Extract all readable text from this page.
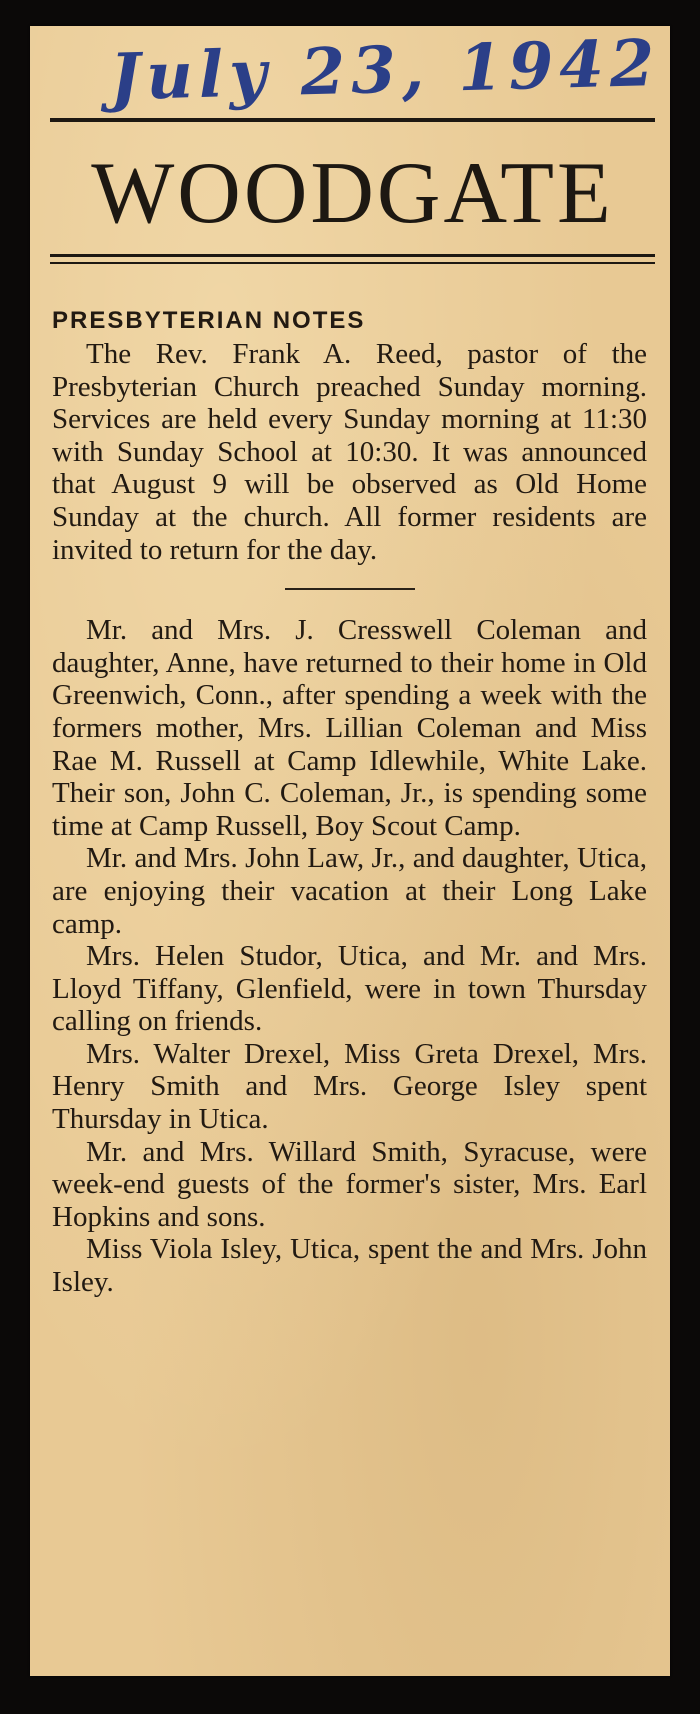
July 23, 1942
WOODGATE
PRESBYTERIAN NOTES

The Rev. Frank A. Reed, pastor of the Presbyterian Church preached Sunday morning. Services are held every Sunday morning at 11:30 with Sunday School at 10:30. It was announced that August 9 will be observed as Old Home Sunday at the church. All former residents are invited to return for the day.

Mr. and Mrs. J. Cresswell Coleman and daughter, Anne, have returned to their home in Old Greenwich, Conn., after spending a week with the formers mother, Mrs. Lillian Coleman and Miss Rae M. Russell at Camp Idlewhile, White Lake. Their son, John C. Coleman, Jr., is spending some time at Camp Russell, Boy Scout Camp.

Mr. and Mrs. John Law, Jr., and daughter, Utica, are enjoying their vacation at their Long Lake camp.

Mrs. Helen Studor, Utica, and Mr. and Mrs. Lloyd Tiffany, Glenfield, were in town Thursday calling on friends.

Mrs. Walter Drexel, Miss Greta Drexel, Mrs. Henry Smith and Mrs. George Isley spent Thursday in Utica.

Mr. and Mrs. Willard Smith, Syracuse, were week-end guests of the former's sister, Mrs. Earl Hopkins and sons.

Miss Viola Isley, Utica, spent the and Mrs. John Isley.
